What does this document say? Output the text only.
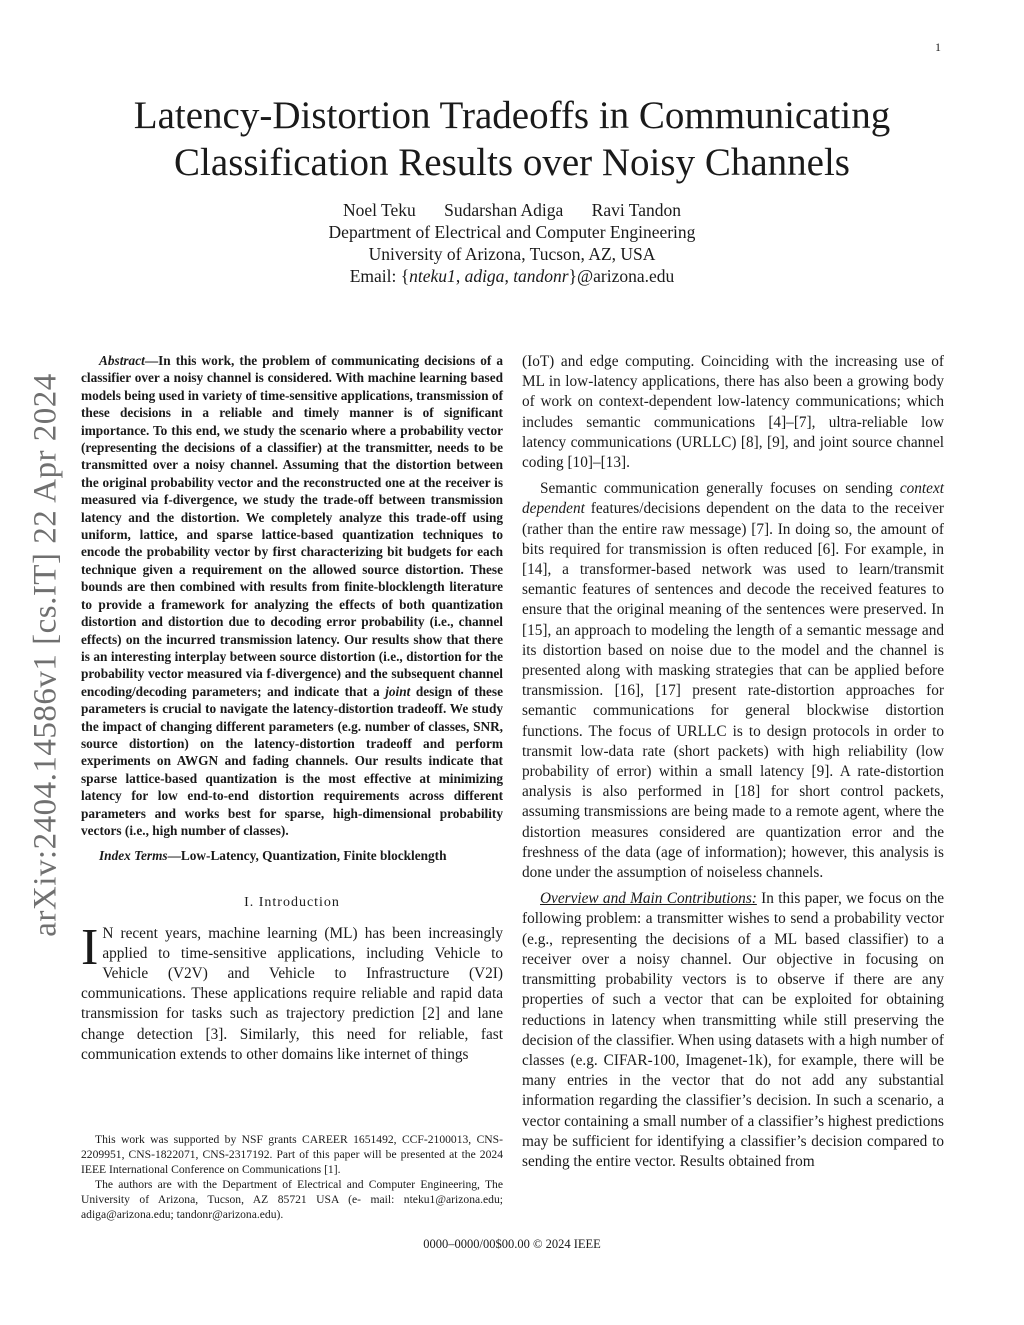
1
Latency-Distortion Tradeoffs in Communicating
Classification Results over Noisy Channels
Noel Teku Sudarshan Adiga Ravi Tandon
Department of Electrical and Computer Engineering
University of Arizona, Tucson, AZ, USA
Email: {nteku1, adiga, tandonr}@arizona.edu
arXiv:2404.14586v1 [cs.IT] 22 Apr 2024

Abstract—In this work, the problem of communicating decisions of a classifier over a noisy channel is considered. With machine learning based models being used in variety of time-sensitive applications, transmission of these decisions in a reliable and timely manner is of significant importance. To this end, we study the scenario where a probability vector (representing the decisions of a classifier) at the transmitter, needs to be transmitted over a noisy channel. Assuming that the distortion between the original probability vector and the reconstructed one at the receiver is measured via f-divergence, we study the trade-off between transmission latency and the distortion. We completely analyze this trade-off using uniform, lattice, and sparse lattice-based quantization techniques to encode the probability vector by first characterizing bit budgets for each technique given a requirement on the allowed source distortion. These bounds are then combined with results from finite-blocklength literature to provide a framework for analyzing the effects of both quantization distortion and distortion due to decoding error probability (i.e., channel effects) on the incurred transmission latency. Our results show that there is an interesting interplay between source distortion (i.e., distortion for the probability vector measured via f-divergence) and the subsequent channel encoding/decoding parameters; and indicate that a joint design of these parameters is crucial to navigate the latency-distortion tradeoff. We study the impact of changing different parameters (e.g. number of classes, SNR, source distortion) on the latency-distortion tradeoff and perform experiments on AWGN and fading channels. Our results indicate that sparse lattice-based quantization is the most effective at minimizing latency for low end-to-end distortion requirements across different parameters and works best for sparse, high-dimensional probability vectors (i.e., high number of classes).

Index Terms—Low-Latency, Quantization, Finite blocklength

I. Introduction

I N recent years, machine learning (ML) has been increasingly applied to time-sensitive applications, including Vehicle to Vehicle (V2V) and Vehicle to Infrastructure (V2I) communications. These applications require reliable and rapid data transmission for tasks such as trajectory prediction [2] and lane change detection [3]. Similarly, this need for reliable, fast communication extends to other domains like internet of things

This work was supported by NSF grants CAREER 1651492, CCF-2100013, CNS-2209951, CNS-1822071, CNS-2317192. Part of this paper will be presented at the 2024 IEEE International Conference on Communications [1].

The authors are with the Department of Electrical and Computer Engineering, The University of Arizona, Tucson, AZ 85721 USA (e- mail: nteku1@arizona.edu; adiga@arizona.edu; tandonr@arizona.edu).

(IoT) and edge computing. Coinciding with the increasing use of ML in low-latency applications, there has also been a growing body of work on context-dependent low-latency communications; which includes semantic communications [4]–[7], ultra-reliable low latency communications (URLLC) [8], [9], and joint source channel coding [10]–[13].

Semantic communication generally focuses on sending context dependent features/decisions dependent on the data to the receiver (rather than the entire raw message) [7]. In doing so, the amount of bits required for transmission is often reduced [6]. For example, in [14], a transformer-based network was used to learn/transmit semantic features of sentences and decode the received features to ensure that the original meaning of the sentences were preserved. In [15], an approach to modeling the length of a semantic message and its distortion based on noise due to the model and the channel is presented along with masking strategies that can be applied before transmission. [16], [17] present rate-distortion approaches for semantic communications for general blockwise distortion functions. The focus of URLLC is to design protocols in order to transmit low-data rate (short packets) with high reliability (low probability of error) within a small latency [9]. A rate-distortion analysis is also performed in [18] for short control packets, assuming transmissions are being made to a remote agent, where the distortion measures considered are quantization error and the freshness of the data (age of information); however, this analysis is done under the assumption of noiseless channels.

Overview and Main Contributions: In this paper, we focus on the following problem: a transmitter wishes to send a probability vector (e.g., representing the decisions of a ML based classifier) to a receiver over a noisy channel. Our objective in focusing on transmitting probability vectors is to observe if there are any properties of such a vector that can be exploited for obtaining reductions in latency when transmitting while still preserving the decision of the classifier. When using datasets with a high number of classes (e.g. CIFAR-100, Imagenet-1k), for example, there will be many entries in the vector that do not add any substantial information regarding the classifier’s decision. In such a scenario, a vector containing a small number of a classifier’s highest predictions may be sufficient for identifying a classifier’s decision compared to sending the entire vector. Results obtained from

0000–0000/00$00.00 © 2024 IEEE
